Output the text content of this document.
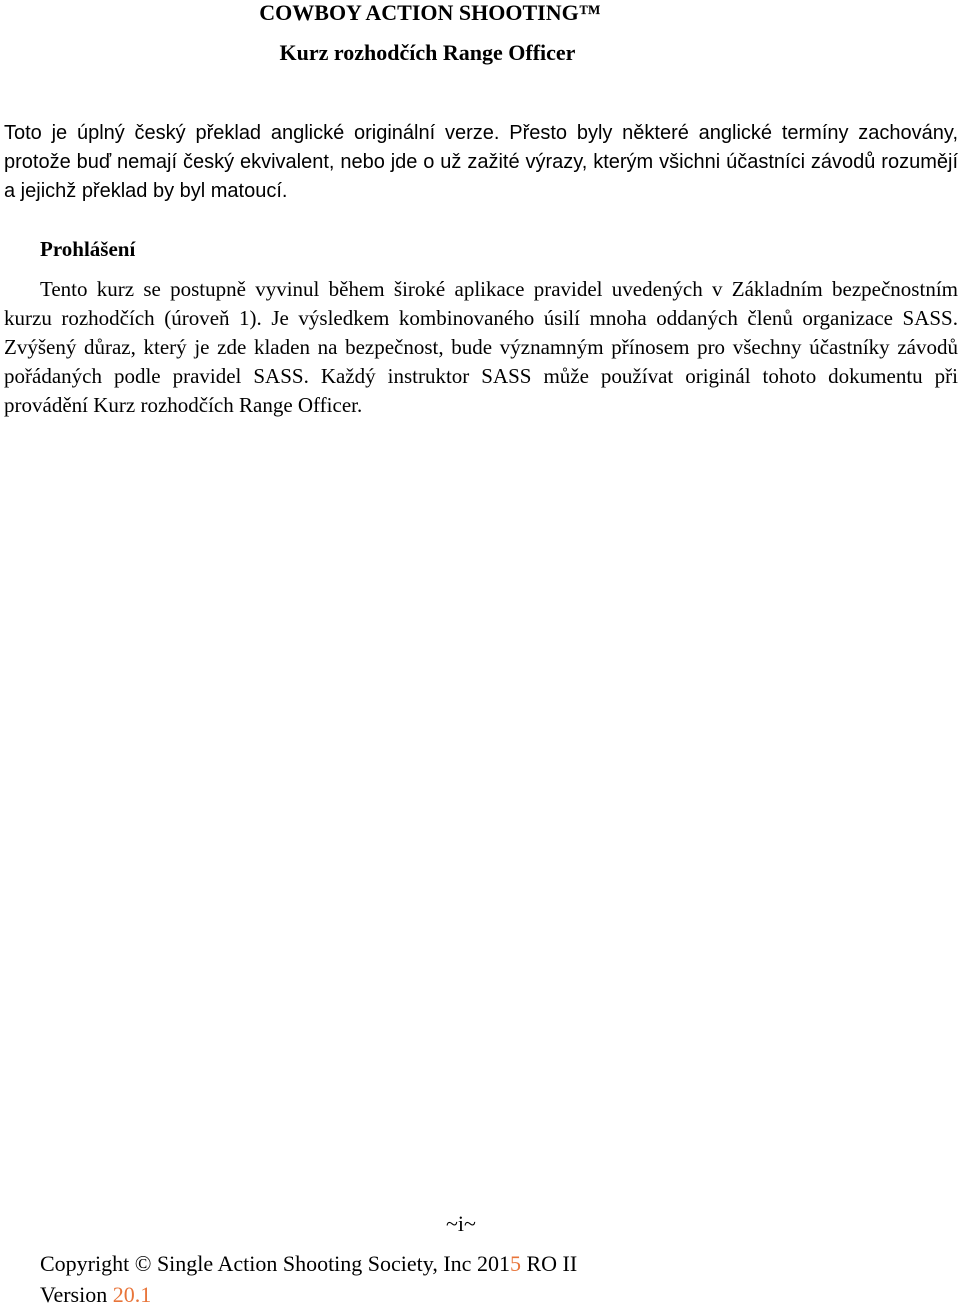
COWBOY ACTION SHOOTING™
Kurz rozhodčích Range Officer

Toto je úplný český překlad anglické originální verze. Přesto byly některé anglické termíny zachovány, protože buď nemají český ekvivalent, nebo jde o už zažité výrazy, kterým všichni účastníci závodů rozumějí a jejichž překlad by byl matoucí.

Prohlášení

Tento kurz se postupně vyvinul během široké aplikace pravidel uvedených v Základním bezpečnostním kurzu rozhodčích (úroveň 1). Je výsledkem kombinovaného úsilí mnoha oddaných členů organizace SASS. Zvýšený důraz, který je zde kladen na bezpečnost, bude významným přínosem pro všechny účastníky závodů pořádaných podle pravidel SASS. Každý instruktor SASS může používat originál tohoto dokumentu při provádění Kurz rozhodčích Range Officer.

~i~
Copyright © Single Action Shooting Society, Inc 2015 RO II
Version 20.1
